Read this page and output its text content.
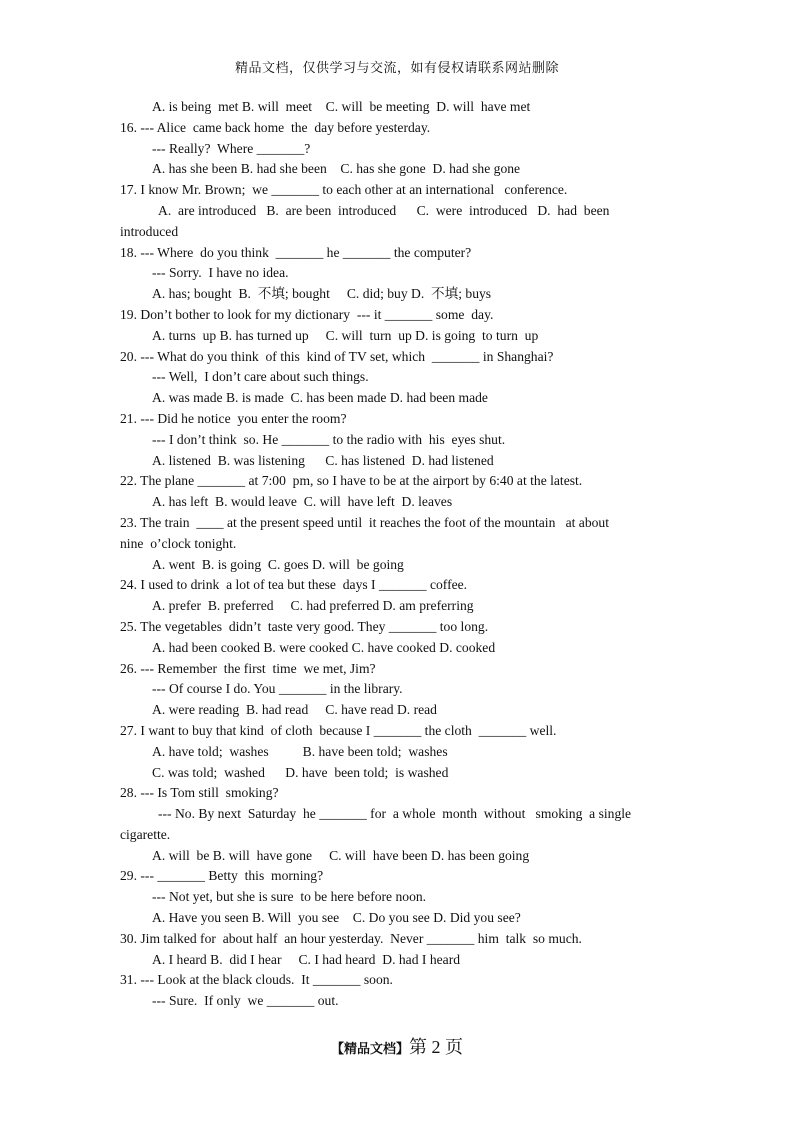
精品文档，仅供学习与交流，如有侵权请联系网站删除
A. is being  met B. will  meet    C. will  be meeting  D. will  have met
16. --- Alice  came back home  the  day before yesterday.
--- Really?  Where _______?
A. has she been B. had she been    C. has she gone  D. had she gone
17. I know Mr. Brown;  we _______ to each other at an international   conference.
A.  are introduced   B.  are been  introduced      C.  were  introduced   D.  had  been
introduced
18. --- Where  do you think  _______ he _______ the computer?
--- Sorry.  I have no idea.
A. has; bought  B.  不填; bought     C. did; buy D.  不填; buys
19. Don’t bother to look for my dictionary  --- it _______ some  day.
A. turns  up B. has turned up     C. will  turn  up D. is going  to turn  up
20. --- What do you think  of this  kind of TV set, which  _______ in Shanghai?
--- Well,  I don’t care about such things.
A. was made B. is made  C. has been made D. had been made
21. --- Did he notice  you enter the room?
--- I don’t think  so. He _______ to the radio with  his  eyes shut.
A. listened  B. was listening      C. has listened  D. had listened
22. The plane _______ at 7:00  pm, so I have to be at the airport by 6:40 at the latest.
A. has left  B. would leave  C. will  have left  D. leaves
23. The train  ____ at the present speed until  it reaches the foot of the mountain   at about
nine  o’clock tonight.
A. went  B. is going  C. goes D. will  be going
24. I used to drink  a lot of tea but these  days I _______ coffee.
A. prefer  B. preferred     C. had preferred D. am preferring
25. The vegetables  didn’t  taste very good. They _______ too long.
A. had been cooked B. were cooked C. have cooked D. cooked
26. --- Remember  the first  time  we met, Jim?
--- Of course I do. You _______ in the library.
A. were reading  B. had read     C. have read D. read
27. I want to buy that kind  of cloth  because I _______ the cloth  _______ well.
A. have told;  washes          B. have been told;  washes
C. was told;  washed      D. have  been told;  is washed
28. --- Is Tom still  smoking?
--- No. By next  Saturday  he _______ for  a whole  month  without   smoking  a single
cigarette.
A. will  be B. will  have gone     C. will  have been D. has been going
29. --- _______ Betty  this  morning?
--- Not yet, but she is sure  to be here before noon.
A. Have you seen B. Will  you see    C. Do you see D. Did you see?
30. Jim talked for  about half  an hour yesterday.  Never _______ him  talk  so much.
A. I heard B.  did I hear     C. I had heard  D. had I heard
31. --- Look at the black clouds.  It _______ soon.
--- Sure.  If only  we _______ out.
【精品文档】第 2 页
